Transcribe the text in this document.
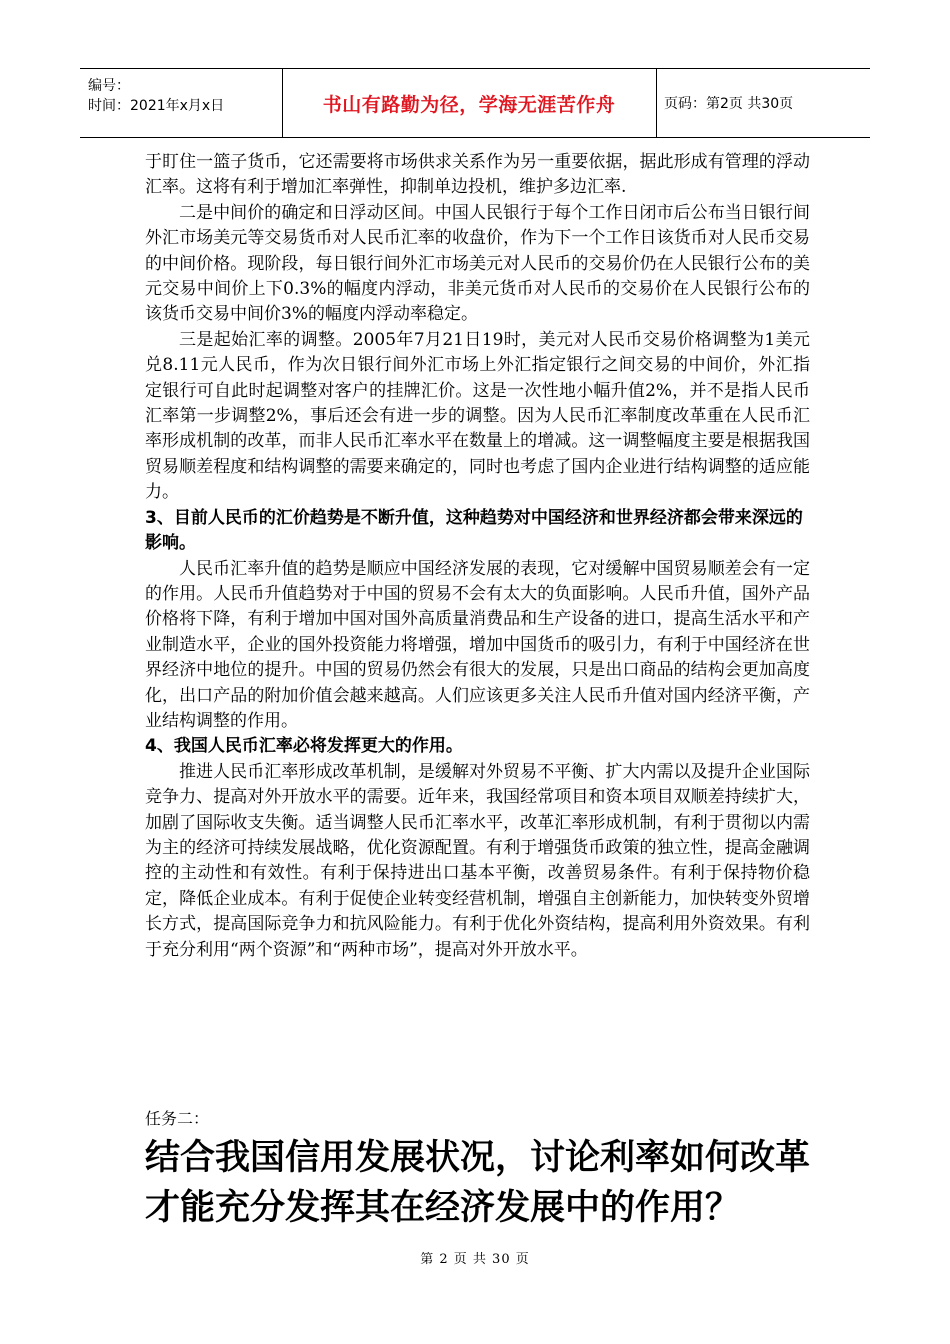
编号：
时间：2021年x月x日	书山有路勤为径，学海无涯苦作舟	页码：第2页 共30页

于盯住一篮子货币，它还需要将市场供求关系作为另一重要依据，据此形成有管理的浮动汇率。这将有利于增加汇率弹性，抑制单边投机，维护多边汇率.

二是中间价的确定和日浮动区间。中国人民银行于每个工作日闭市后公布当日银行间外汇市场美元等交易货币对人民币汇率的收盘价，作为下一个工作日该货币对人民币交易的中间价格。现阶段，每日银行间外汇市场美元对人民币的交易价仍在人民银行公布的美元交易中间价上下0.3%的幅度内浮动，非美元货币对人民币的交易价在人民银行公布的该货币交易中间价3%的幅度内浮动率稳定。

三是起始汇率的调整。2005年7月21日19时，美元对人民币交易价格调整为1美元兑8.11元人民币，作为次日银行间外汇市场上外汇指定银行之间交易的中间价，外汇指定银行可自此时起调整对客户的挂牌汇价。这是一次性地小幅升值2%，并不是指人民币汇率第一步调整2%，事后还会有进一步的调整。因为人民币汇率制度改革重在人民币汇率形成机制的改革，而非人民币汇率水平在数量上的增减。这一调整幅度主要是根据我国贸易顺差程度和结构调整的需要来确定的，同时也考虑了国内企业进行结构调整的适应能力。

3、目前人民币的汇价趋势是不断升值，这种趋势对中国经济和世界经济都会带来深远的影响。

人民币汇率升值的趋势是顺应中国经济发展的表现，它对缓解中国贸易顺差会有一定的作用。人民币升值趋势对于中国的贸易不会有太大的负面影响。人民币升值，国外产品价格将下降，有利于增加中国对国外高质量消费品和生产设备的进口，提高生活水平和产业制造水平，企业的国外投资能力将增强，增加中国货币的吸引力，有利于中国经济在世界经济中地位的提升。中国的贸易仍然会有很大的发展，只是出口商品的结构会更加高度化，出口产品的附加价值会越来越高。人们应该更多关注人民币升值对国内经济平衡，产业结构调整的作用。

4、我国人民币汇率必将发挥更大的作用。

推进人民币汇率形成改革机制，是缓解对外贸易不平衡、扩大内需以及提升企业国际竞争力、提高对外开放水平的需要。近年来，我国经常项目和资本项目双顺差持续扩大，加剧了国际收支失衡。适当调整人民币汇率水平，改革汇率形成机制，有利于贯彻以内需为主的经济可持续发展战略，优化资源配置。有利于增强货币政策的独立性，提高金融调控的主动性和有效性。有利于保持进出口基本平衡，改善贸易条件。有利于保持物价稳定，降低企业成本。有利于促使企业转变经营机制，增强自主创新能力，加快转变外贸增长方式，提高国际竞争力和抗风险能力。有利于优化外资结构，提高利用外资效果。有利于充分利用“两个资源”和“两种市场”，提高对外开放水平。

任务二：
结合我国信用发展状况，讨论利率如何改革才能充分发挥其在经济发展中的作用？
第 2 页 共 30 页
